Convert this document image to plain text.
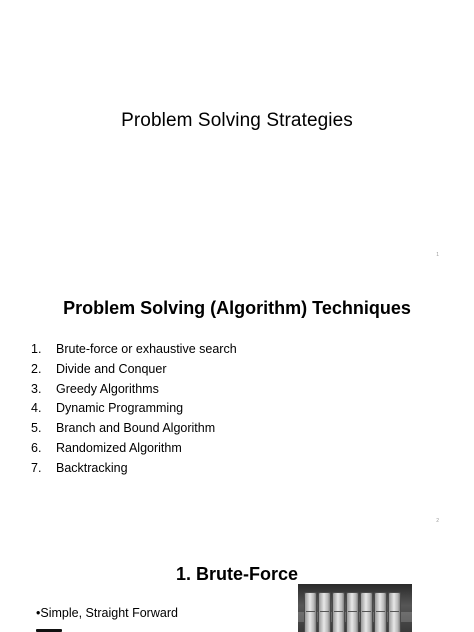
Problem Solving Strategies
1
Problem Solving (Algorithm) Techniques
1. Brute-force or exhaustive search
2. Divide and Conquer
3. Greedy Algorithms
4. Dynamic Programming
5. Branch and Bound Algorithm
6. Randomized Algorithm
7. Backtracking
2
1. Brute-Force
•Simple, Straight Forward
